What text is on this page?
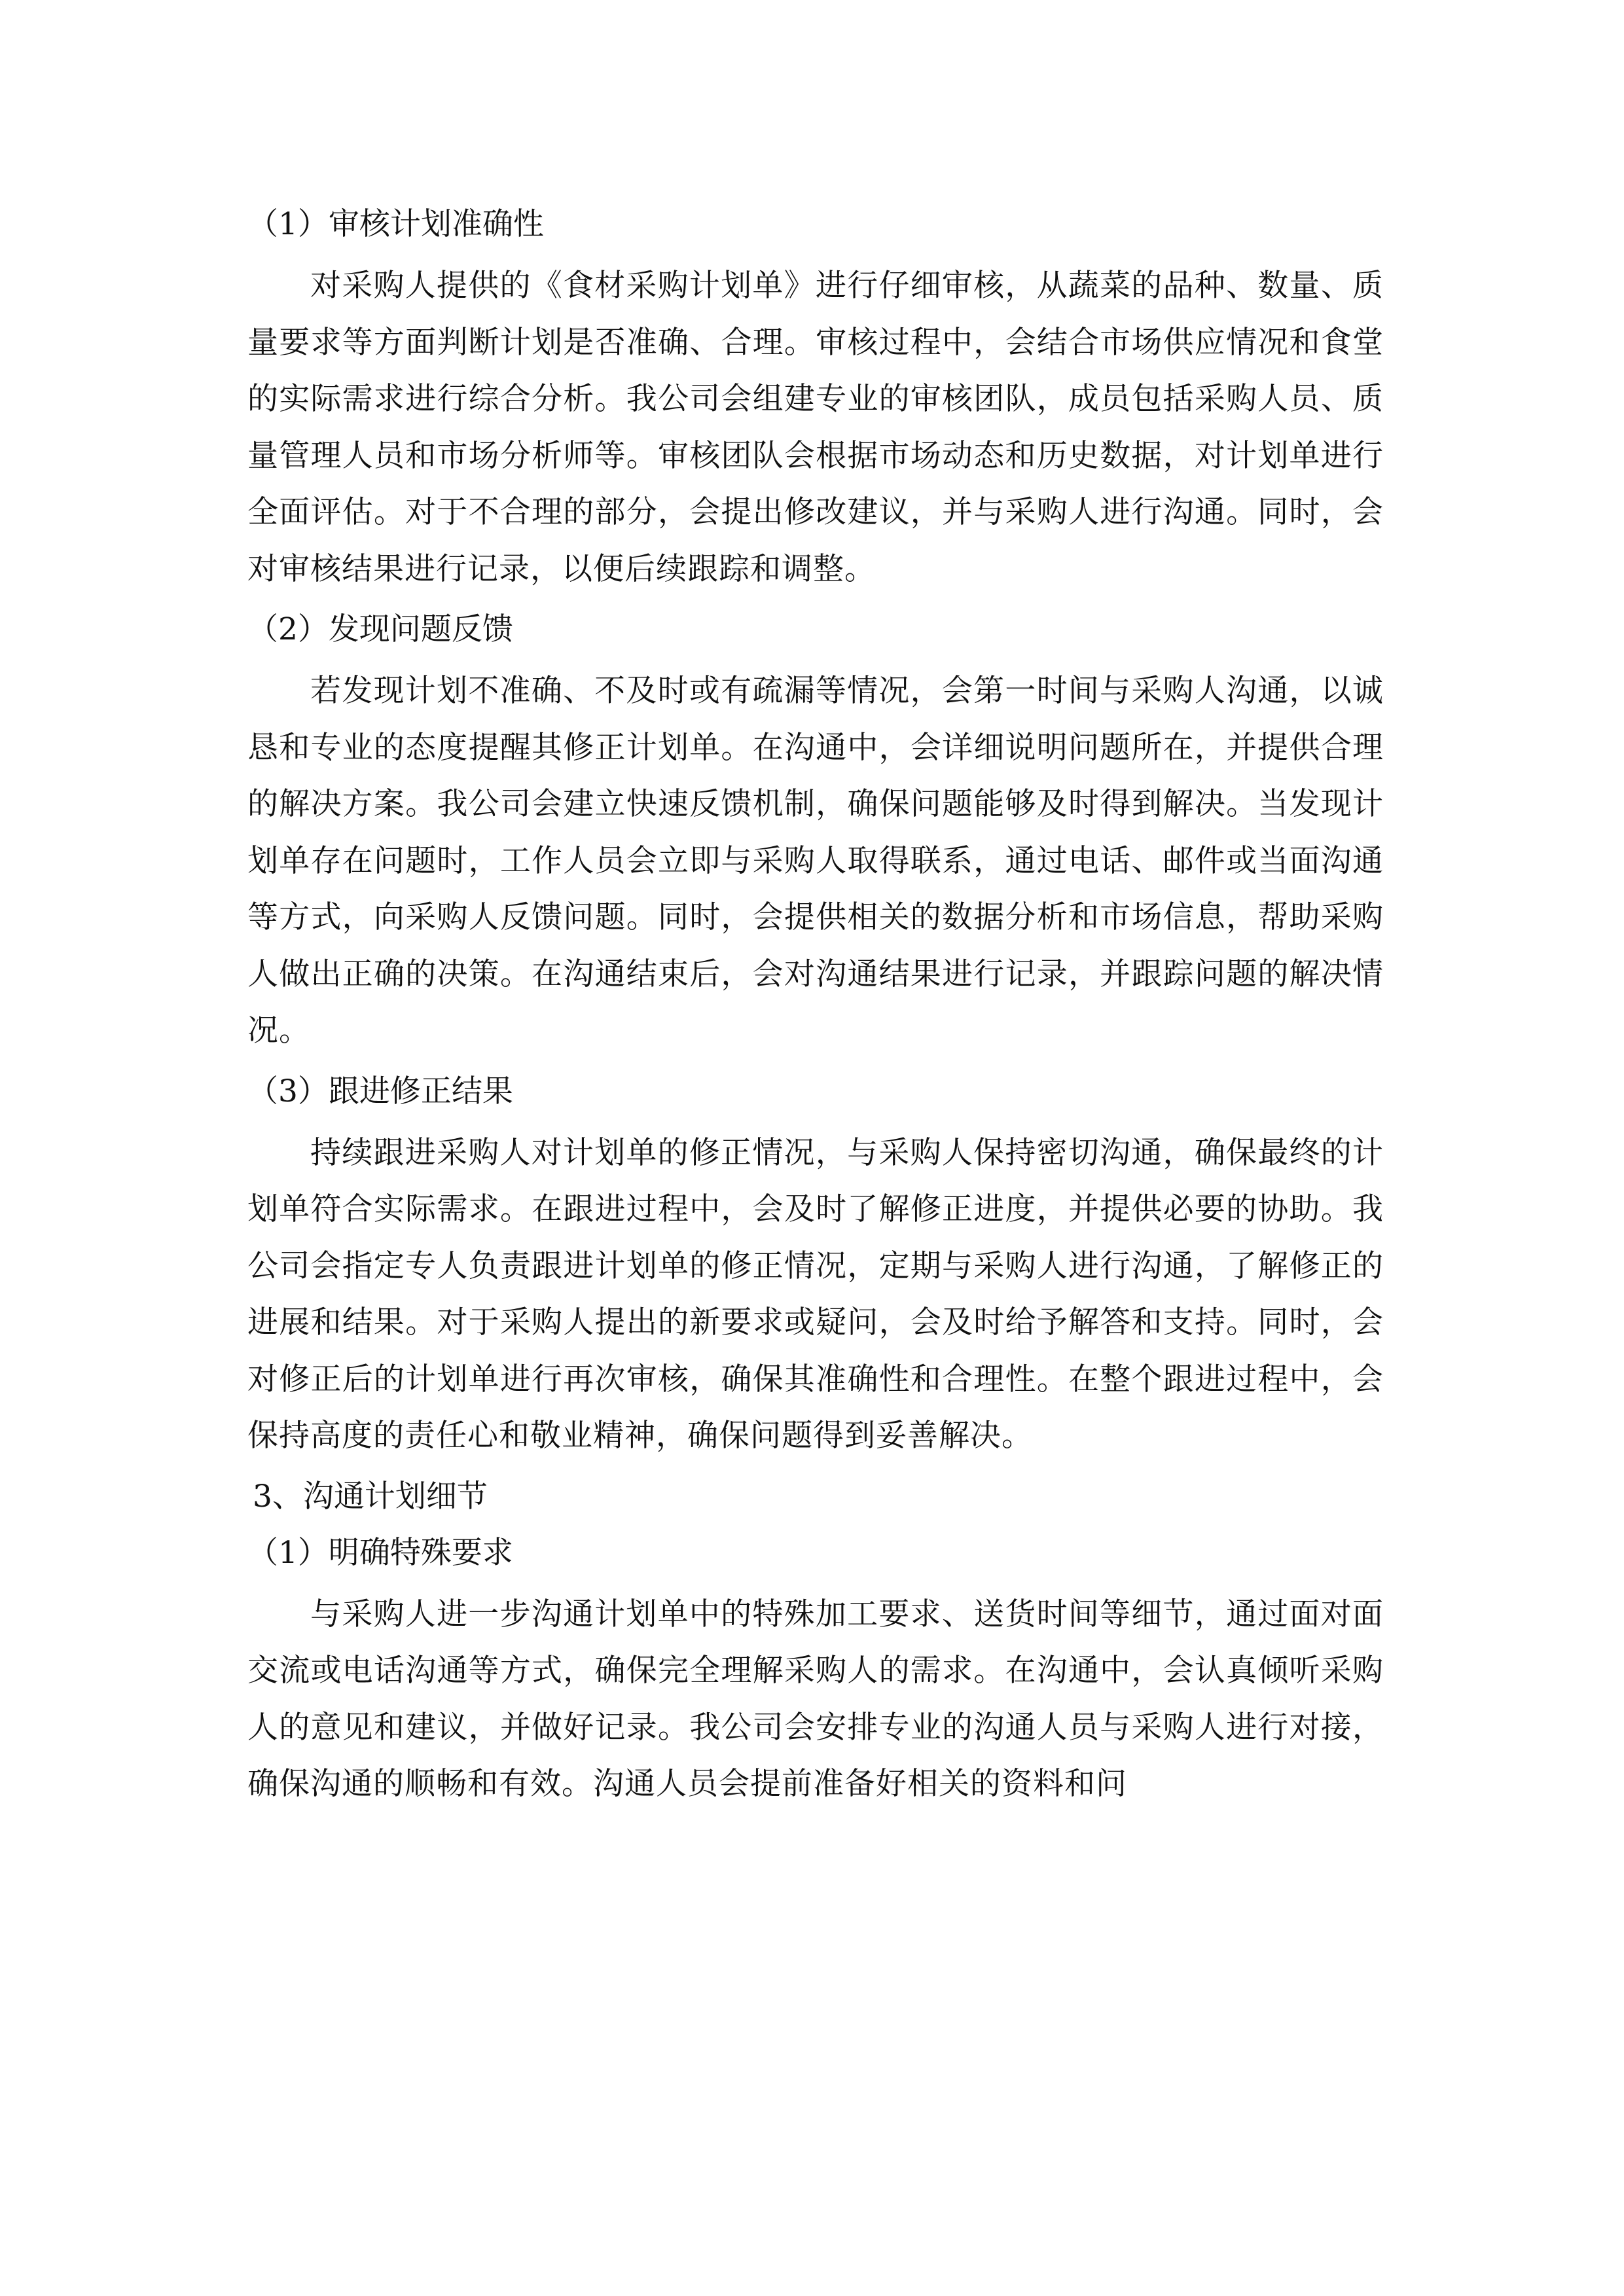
（1）审核计划准确性

对采购人提供的《食材采购计划单》进行仔细审核，从蔬菜的品种、数量、质量要求等方面判断计划是否准确、合理。审核过程中，会结合市场供应情况和食堂的实际需求进行综合分析。我公司会组建专业的审核团队，成员包括采购人员、质量管理人员和市场分析师等。审核团队会根据市场动态和历史数据，对计划单进行全面评估。对于不合理的部分，会提出修改建议，并与采购人进行沟通。同时，会对审核结果进行记录，以便后续跟踪和调整。

（2）发现问题反馈

若发现计划不准确、不及时或有疏漏等情况，会第一时间与采购人沟通，以诚恳和专业的态度提醒其修正计划单。在沟通中，会详细说明问题所在，并提供合理的解决方案。我公司会建立快速反馈机制，确保问题能够及时得到解决。当发现计划单存在问题时，工作人员会立即与采购人取得联系，通过电话、邮件或当面沟通等方式，向采购人反馈问题。同时，会提供相关的数据分析和市场信息，帮助采购人做出正确的决策。在沟通结束后，会对沟通结果进行记录，并跟踪问题的解决情况。

（3）跟进修正结果

持续跟进采购人对计划单的修正情况，与采购人保持密切沟通，确保最终的计划单符合实际需求。在跟进过程中，会及时了解修正进度，并提供必要的协助。我公司会指定专人负责跟进计划单的修正情况，定期与采购人进行沟通，了解修正的进展和结果。对于采购人提出的新要求或疑问，会及时给予解答和支持。同时，会对修正后的计划单进行再次审核，确保其准确性和合理性。在整个跟进过程中，会保持高度的责任心和敬业精神，确保问题得到妥善解决。

3、沟通计划细节

（1）明确特殊要求

与采购人进一步沟通计划单中的特殊加工要求、送货时间等细节，通过面对面交流或电话沟通等方式，确保完全理解采购人的需求。在沟通中，会认真倾听采购人的意见和建议，并做好记录。我公司会安排专业的沟通人员与采购人进行对接，确保沟通的顺畅和有效。沟通人员会提前准备好相关的资料和问
